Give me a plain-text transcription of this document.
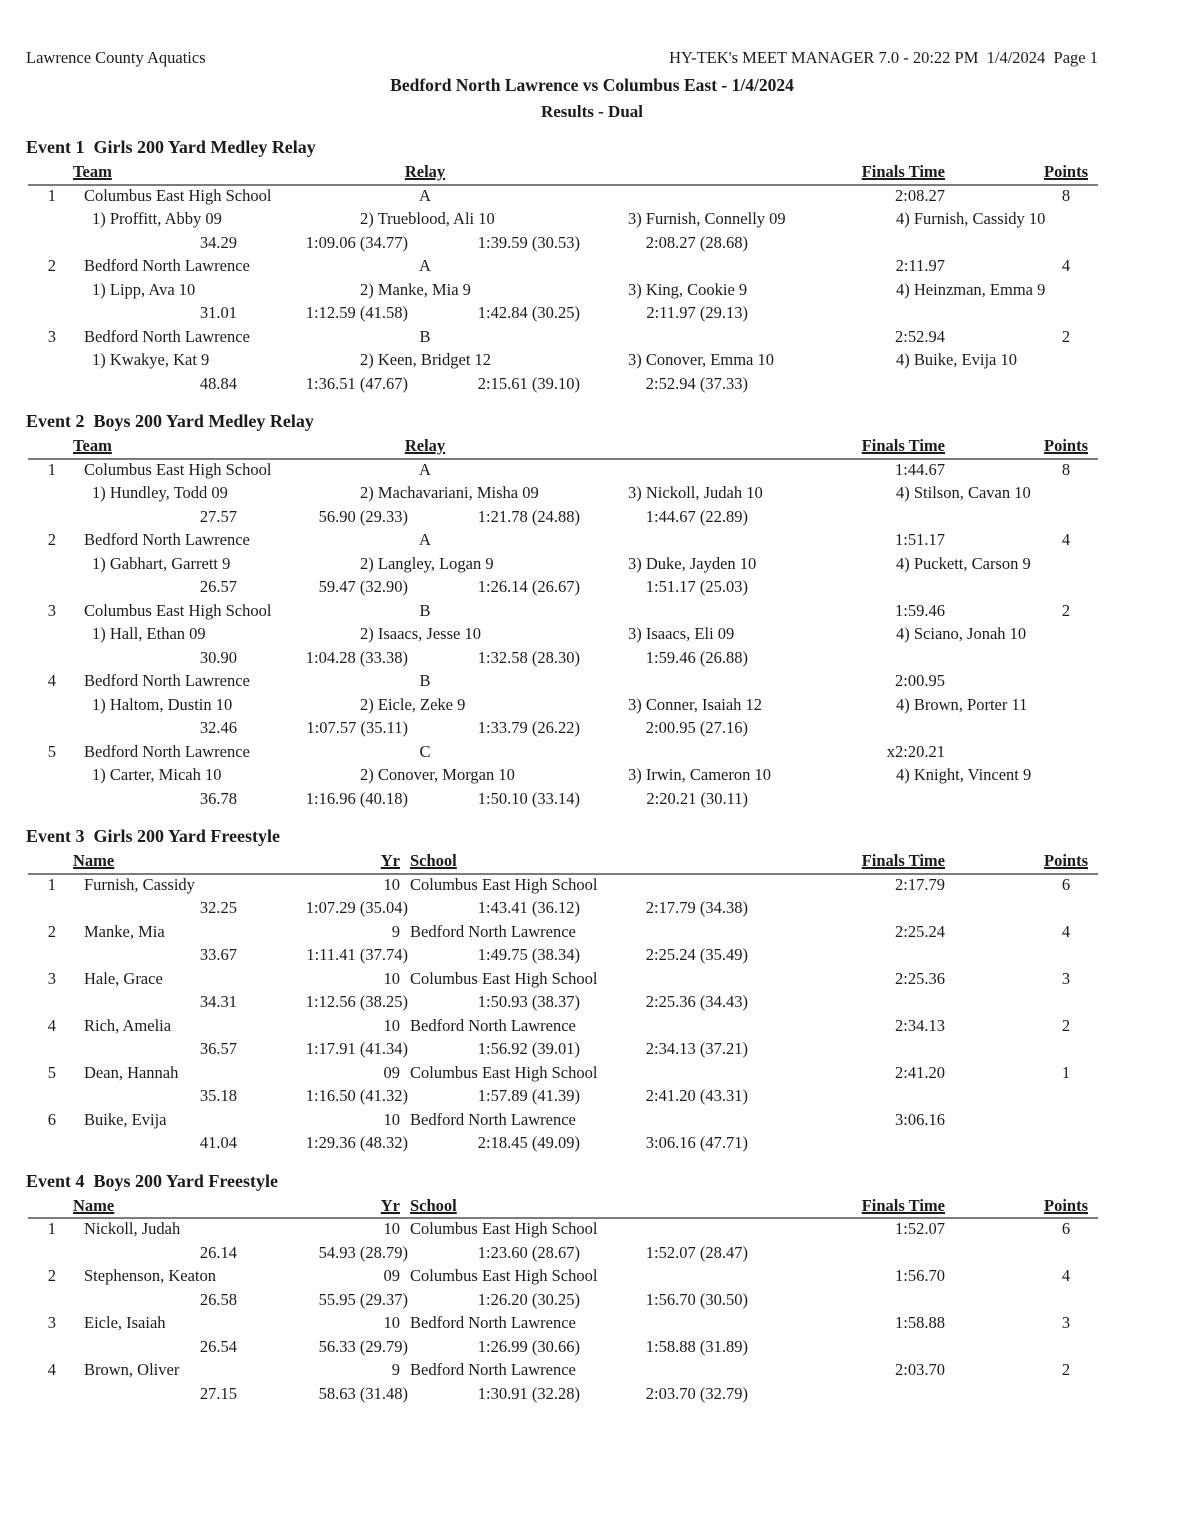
Lawrence County Aquatics	HY-TEK's MEET MANAGER 7.0 - 20:22 PM  1/4/2024  Page 1
Bedford North Lawrence vs Columbus East - 1/4/2024
Results - Dual
Event 1  Girls 200 Yard Medley Relay
Team	Relay	Finals Time	Points
1 Columbus East High School	A	2:08.27	8
1) Proffitt, Abby 09	2) Trueblood, Ali 10	3) Furnish, Connelly 09	4) Furnish, Cassidy 10
34.29	1:09.06 (34.77)	1:39.59 (30.53)	2:08.27 (28.68)
2 Bedford North Lawrence	A	2:11.97	4
1) Lipp, Ava 10	2) Manke, Mia 9	3) King, Cookie 9	4) Heinzman, Emma 9
31.01	1:12.59 (41.58)	1:42.84 (30.25)	2:11.97 (29.13)
3 Bedford North Lawrence	B	2:52.94	2
1) Kwakye, Kat 9	2) Keen, Bridget 12	3) Conover, Emma 10	4) Buike, Evija 10
48.84	1:36.51 (47.67)	2:15.61 (39.10)	2:52.94 (37.33)
Event 2  Boys 200 Yard Medley Relay
Team	Relay	Finals Time	Points
1 Columbus East High School	A	1:44.67	8
1) Hundley, Todd 09	2) Machavariani, Misha 09	3) Nickoll, Judah 10	4) Stilson, Cavan 10
27.57	56.90 (29.33)	1:21.78 (24.88)	1:44.67 (22.89)
2 Bedford North Lawrence	A	1:51.17	4
1) Gabhart, Garrett 9	2) Langley, Logan 9	3) Duke, Jayden 10	4) Puckett, Carson 9
26.57	59.47 (32.90)	1:26.14 (26.67)	1:51.17 (25.03)
3 Columbus East High School	B	1:59.46	2
1) Hall, Ethan 09	2) Isaacs, Jesse 10	3) Isaacs, Eli 09	4) Sciano, Jonah 10
30.90	1:04.28 (33.38)	1:32.58 (28.30)	1:59.46 (26.88)
4 Bedford North Lawrence	B	2:00.95
1) Haltom, Dustin 10	2) Eicle, Zeke 9	3) Conner, Isaiah 12	4) Brown, Porter 11
32.46	1:07.57 (35.11)	1:33.79 (26.22)	2:00.95 (27.16)
5 Bedford North Lawrence	C	x2:20.21
1) Carter, Micah 10	2) Conover, Morgan 10	3) Irwin, Cameron 10	4) Knight, Vincent 9
36.78	1:16.96 (40.18)	1:50.10 (33.14)	2:20.21 (30.11)
Event 3  Girls 200 Yard Freestyle
Name	Yr School	Finals Time	Points
1 Furnish, Cassidy	10 Columbus East High School	2:17.79	6
32.25	1:07.29 (35.04)	1:43.41 (36.12)	2:17.79 (34.38)
2 Manke, Mia	9 Bedford North Lawrence	2:25.24	4
33.67	1:11.41 (37.74)	1:49.75 (38.34)	2:25.24 (35.49)
3 Hale, Grace	10 Columbus East High School	2:25.36	3
34.31	1:12.56 (38.25)	1:50.93 (38.37)	2:25.36 (34.43)
4 Rich, Amelia	10 Bedford North Lawrence	2:34.13	2
36.57	1:17.91 (41.34)	1:56.92 (39.01)	2:34.13 (37.21)
5 Dean, Hannah	09 Columbus East High School	2:41.20	1
35.18	1:16.50 (41.32)	1:57.89 (41.39)	2:41.20 (43.31)
6 Buike, Evija	10 Bedford North Lawrence	3:06.16
41.04	1:29.36 (48.32)	2:18.45 (49.09)	3:06.16 (47.71)
Event 4  Boys 200 Yard Freestyle
Name	Yr School	Finals Time	Points
1 Nickoll, Judah	10 Columbus East High School	1:52.07	6
26.14	54.93 (28.79)	1:23.60 (28.67)	1:52.07 (28.47)
2 Stephenson, Keaton	09 Columbus East High School	1:56.70	4
26.58	55.95 (29.37)	1:26.20 (30.25)	1:56.70 (30.50)
3 Eicle, Isaiah	10 Bedford North Lawrence	1:58.88	3
26.54	56.33 (29.79)	1:26.99 (30.66)	1:58.88 (31.89)
4 Brown, Oliver	9 Bedford North Lawrence	2:03.70	2
27.15	58.63 (31.48)	1:30.91 (32.28)	2:03.70 (32.79)
